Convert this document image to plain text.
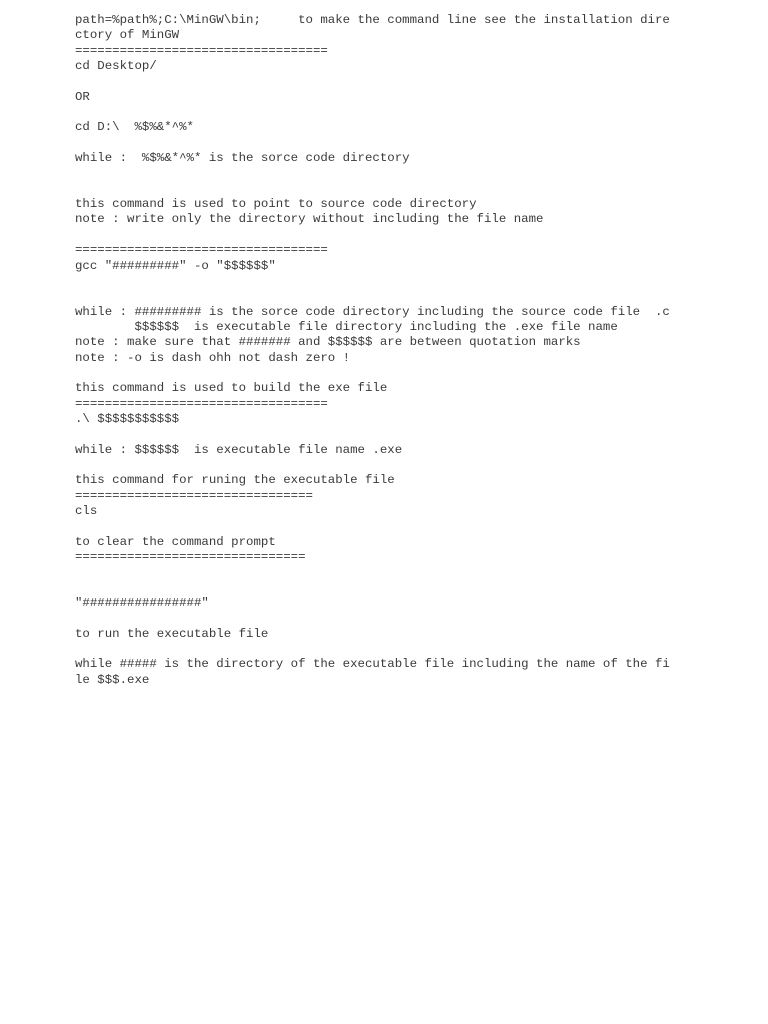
path=%path%;C:\MinGW\bin;     to make the command line see the installation dire
ctory of MinGW
==================================
cd Desktop/
OR
cd D:\  %$%&*^%*
while :  %$%&*^%* is the sorce code directory
this command is used to point to source code directory
note : write only the directory without including the file name
==================================
gcc "#########" -o "$$$$$$"
while : ######### is the sorce code directory including the source code file  .c
$$$$$$  is executable file directory including the .exe file name
note : make sure that ####### and $$$$$$ are between quotation marks
note : -o is dash ohh not dash zero !
this command is used to build the exe file
==================================
.\ $$$$$$$$$$$
while : $$$$$$  is executable file name .exe
this command for runing the executable file
================================
cls
to clear the command prompt
===============================
"################"
to run the executable file
while ##### is the directory of the executable file including the name of the fi
le $$$.exe
